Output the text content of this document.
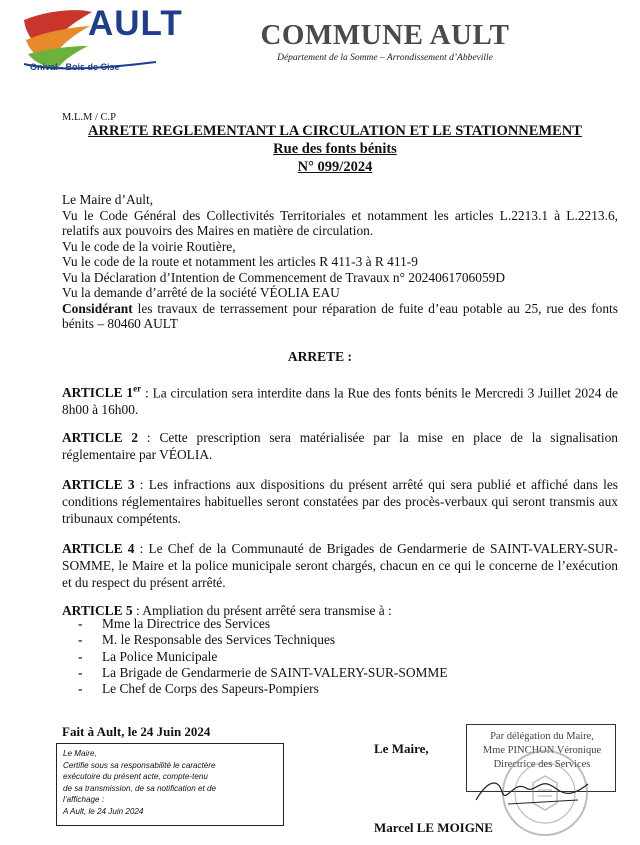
AULT
Onival - Bois de Cise
COMMUNE AULT
Département de la Somme – Arrondissement d’Abbeville
M.L.M / C.P
ARRETE REGLEMENTANT LA CIRCULATION ET LE STATIONNEMENT
Rue des fonts bénits
N° 099/2024
Le Maire d’Ault,
Vu le Code Général des Collectivités Territoriales et notamment les articles L.2213.1 à L.2213.6, relatifs aux pouvoirs des Maires en matière de circulation.
Vu le code de la voirie Routière,
Vu le code de la route et notamment les articles R 411-3 à R 411-9
Vu la Déclaration d’Intention de Commencement de Travaux n° 2024061706059D
Vu la demande d’arrêté de la société VÉOLIA EAU
Considérant les travaux de terrassement pour réparation de fuite d’eau potable au 25, rue des fonts bénits – 80460 AULT
ARRETE :
ARTICLE 1er : La circulation sera interdite dans la Rue des fonts bénits le Mercredi 3 Juillet 2024 de 8h00 à 16h00.
ARTICLE 2 : Cette prescription sera matérialisée par la mise en place de la signalisation réglementaire par VÉOLIA.
ARTICLE 3 : Les infractions aux dispositions du présent arrêté qui sera publié et affiché dans les conditions réglementaires habituelles seront constatées par des procès-verbaux qui seront transmis aux tribunaux compétents.
ARTICLE 4 : Le Chef de la Communauté de Brigades de Gendarmerie de SAINT-VALERY-SUR-SOMME, le Maire et la police municipale seront chargés, chacun en ce qui le concerne de l’exécution et du respect du présent arrêté.
ARTICLE 5 : Ampliation du présent arrêté sera transmise à :
- Mme la Directrice des Services
- M. le Responsable des Services Techniques
- La Police Municipale
- La Brigade de Gendarmerie de SAINT-VALERY-SUR-SOMME
- Le Chef de Corps des Sapeurs-Pompiers
Fait à Ault, le 24 Juin 2024
Le Maire,
Certifie sous sa responsabilité le caractère
exécutoire du présent acte, compte-tenu
de sa transmission, de sa notification et de
l’affichage :
A Ault, le 24 Juin 2024
Le Maire,
Par délégation du Maire,
Mme PINCHON Véronique
Directrice des Services
Marcel LE MOIGNE
